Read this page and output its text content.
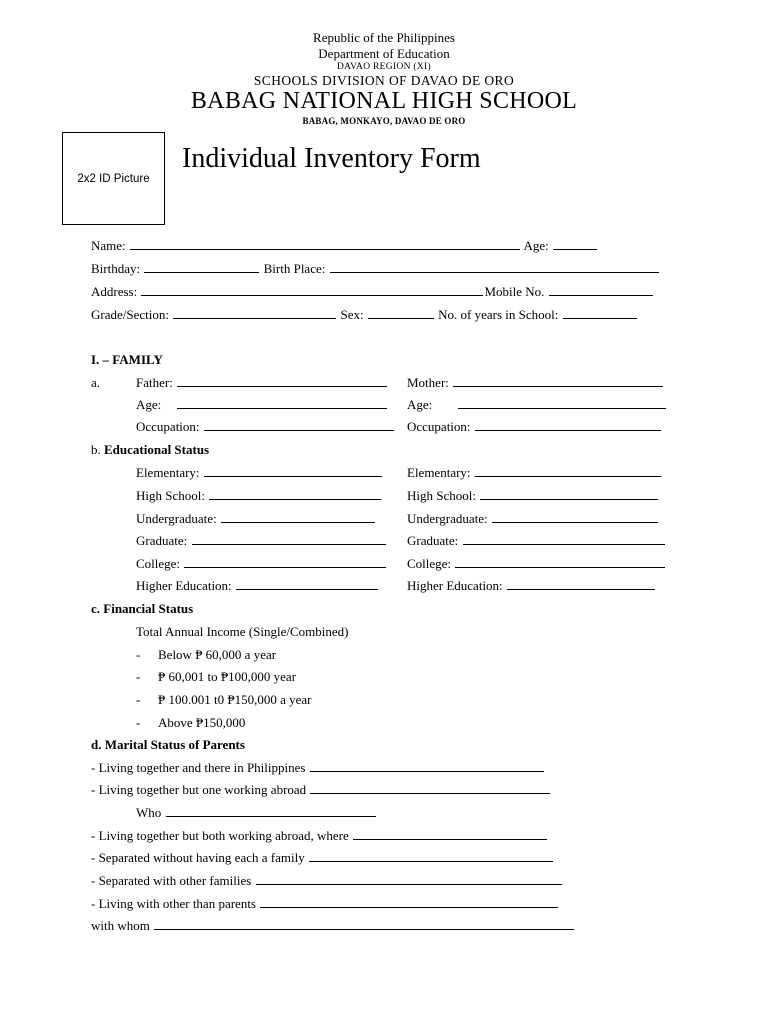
Republic of the Philippines
Department of Education
DAVAO REGION (XI)
SCHOOLS DIVISION OF DAVAO DE ORO
BABAG NATIONAL HIGH SCHOOL
BABAG, MONKAYO, DAVAO DE ORO
2x2 ID Picture
Individual Inventory Form
Name:	Age:
Birthday:	Birth Place:
Address:	Mobile No.
Grade/Section:	Sex:	No. of years in School:
I. – FAMILY
a.	Father:	Mother:
Age:	Age:
Occupation:	Occupation:
b. Educational Status
Elementary:	Elementary:
High School:	High School:
Undergraduate:	Undergraduate:
Graduate:	Graduate:
College:	College:
Higher Education:	Higher Education:
c. Financial Status
Total Annual Income (Single/Combined)
- Below ₱ 60,000 a year
- ₱ 60,001 to ₱100,000 year
- ₱ 100.001 t0 ₱150,000 a year
- Above ₱150,000
d. Marital Status of Parents
- Living together and there in Philippines
- Living together but one working abroad
Who
- Living together but both working abroad, where
- Separated without having each a family
- Separated with other families
- Living with other than parents
with whom
